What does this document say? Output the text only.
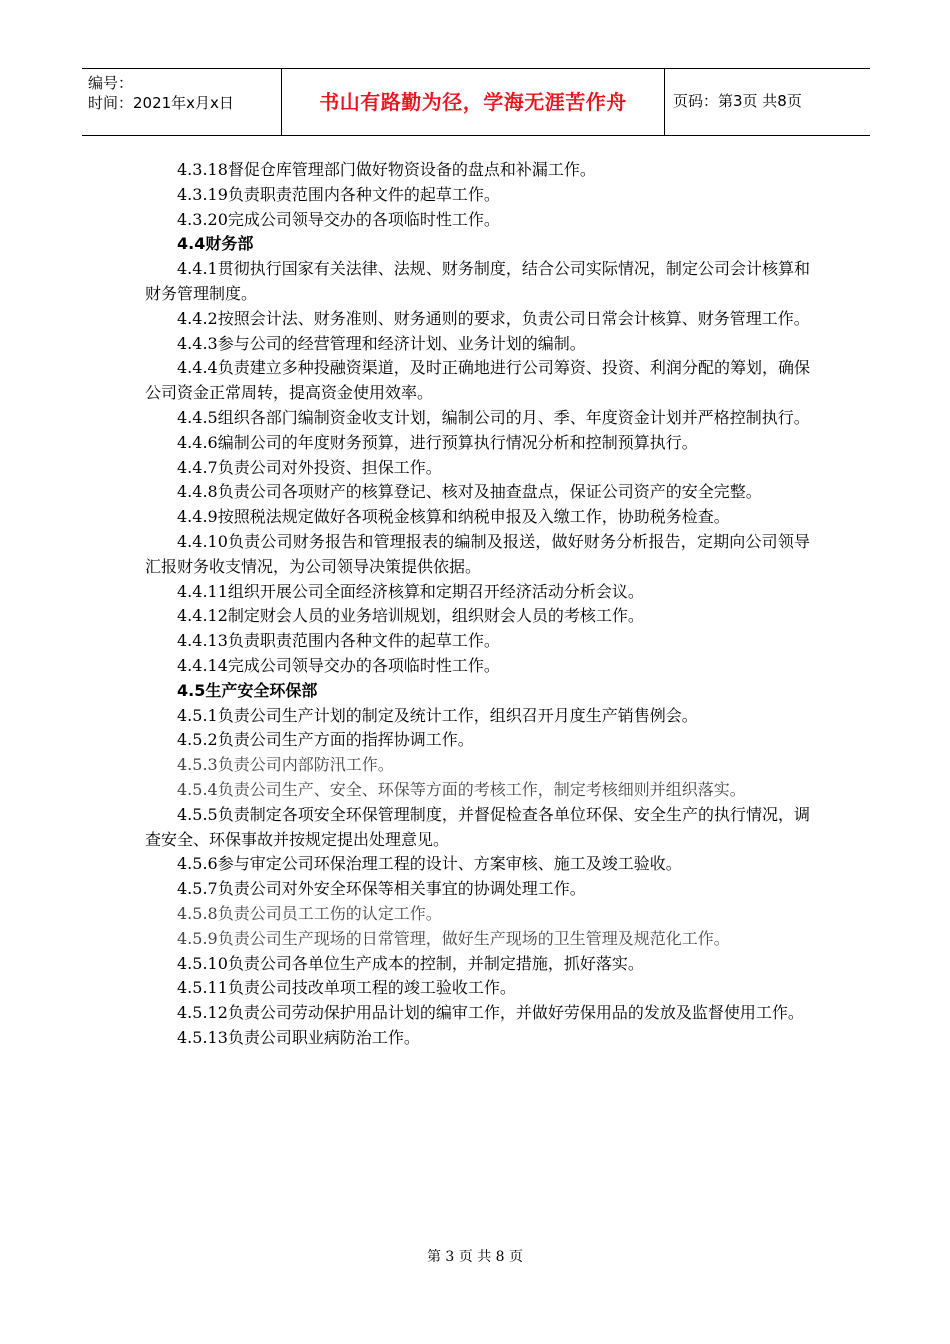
编号：
时间：2021年x月x日	书山有路勤为径，学海无涯苦作舟	页码：第3页 共8页

4.3.18督促仓库管理部门做好物资设备的盘点和补漏工作。

4.3.19负责职责范围内各种文件的起草工作。

4.3.20完成公司领导交办的各项临时性工作。

4.4财务部

4.4.1贯彻执行国家有关法律、法规、财务制度，结合公司实际情况，制定公司会计核算和财务管理制度。

4.4.2按照会计法、财务准则、财务通则的要求，负责公司日常会计核算、财务管理工作。

4.4.3参与公司的经营管理和经济计划、业务计划的编制。

4.4.4负责建立多种投融资渠道，及时正确地进行公司筹资、投资、利润分配的筹划，确保公司资金正常周转，提高资金使用效率。

4.4.5组织各部门编制资金收支计划，编制公司的月、季、年度资金计划并严格控制执行。

4.4.6编制公司的年度财务预算，进行预算执行情况分析和控制预算执行。

4.4.7负责公司对外投资、担保工作。

4.4.8负责公司各项财产的核算登记、核对及抽查盘点，保证公司资产的安全完整。

4.4.9按照税法规定做好各项税金核算和纳税申报及入缴工作，协助税务检查。

4.4.10负责公司财务报告和管理报表的编制及报送，做好财务分析报告，定期向公司领导汇报财务收支情况，为公司领导决策提供依据。

4.4.11组织开展公司全面经济核算和定期召开经济活动分析会议。

4.4.12制定财会人员的业务培训规划，组织财会人员的考核工作。

4.4.13负责职责范围内各种文件的起草工作。

4.4.14完成公司领导交办的各项临时性工作。

4.5生产安全环保部

4.5.1负责公司生产计划的制定及统计工作，组织召开月度生产销售例会。

4.5.2负责公司生产方面的指挥协调工作。

4.5.3负责公司内部防汛工作。

4.5.4负责公司生产、安全、环保等方面的考核工作，制定考核细则并组织落实。

4.5.5负责制定各项安全环保管理制度，并督促检查各单位环保、安全生产的执行情况，调查安全、环保事故并按规定提出处理意见。

4.5.6参与审定公司环保治理工程的设计、方案审核、施工及竣工验收。

4.5.7负责公司对外安全环保等相关事宜的协调处理工作。

4.5.8负责公司员工工伤的认定工作。

4.5.9负责公司生产现场的日常管理，做好生产现场的卫生管理及规范化工作。

4.5.10负责公司各单位生产成本的控制，并制定措施，抓好落实。

4.5.11负责公司技改单项工程的竣工验收工作。

4.5.12负责公司劳动保护用品计划的编审工作，并做好劳保用品的发放及监督使用工作。

4.5.13负责公司职业病防治工作。

第 3 页 共 8 页
